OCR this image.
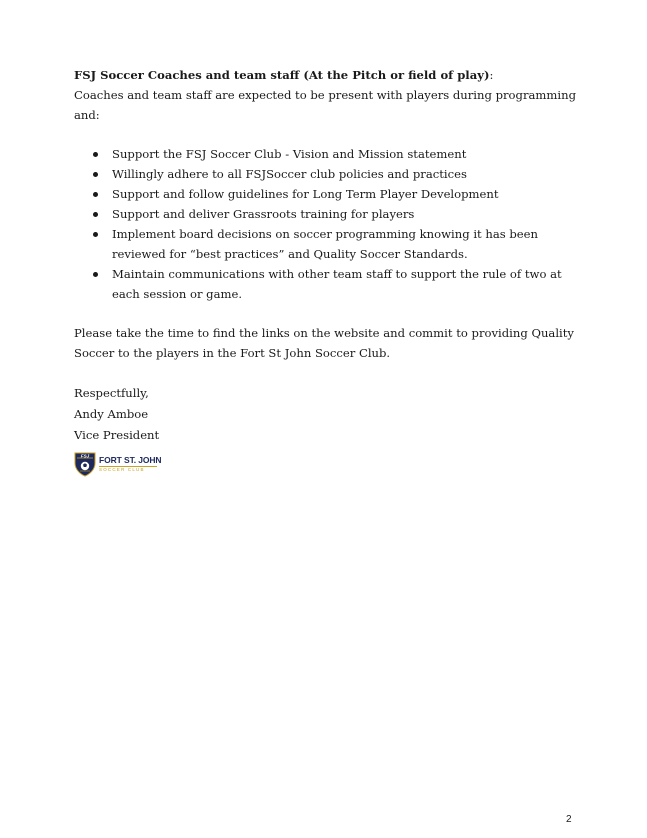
FSJ Soccer Coaches and team staff (At the Pitch or field of play):

Coaches and team staff are expected to be present with players during programming and:

Support the FSJ Soccer Club - Vision and Mission statement
Willingly adhere to all FSJSoccer club policies and practices
Support and follow guidelines for Long Term Player Development
Support and deliver Grassroots training for players
Implement board decisions on soccer programming knowing it has been reviewed for “best practices” and Quality Soccer Standards.
Maintain communications with other team staff to support the rule of two at each session or game.

Please take the time to find the links on the website and commit to providing Quality Soccer to the players in the Fort St John Soccer Club.

Respectfully,
Andy Amboe
Vice President
FSJ FORT ST. JOHN
SOCCER CLUB
2
